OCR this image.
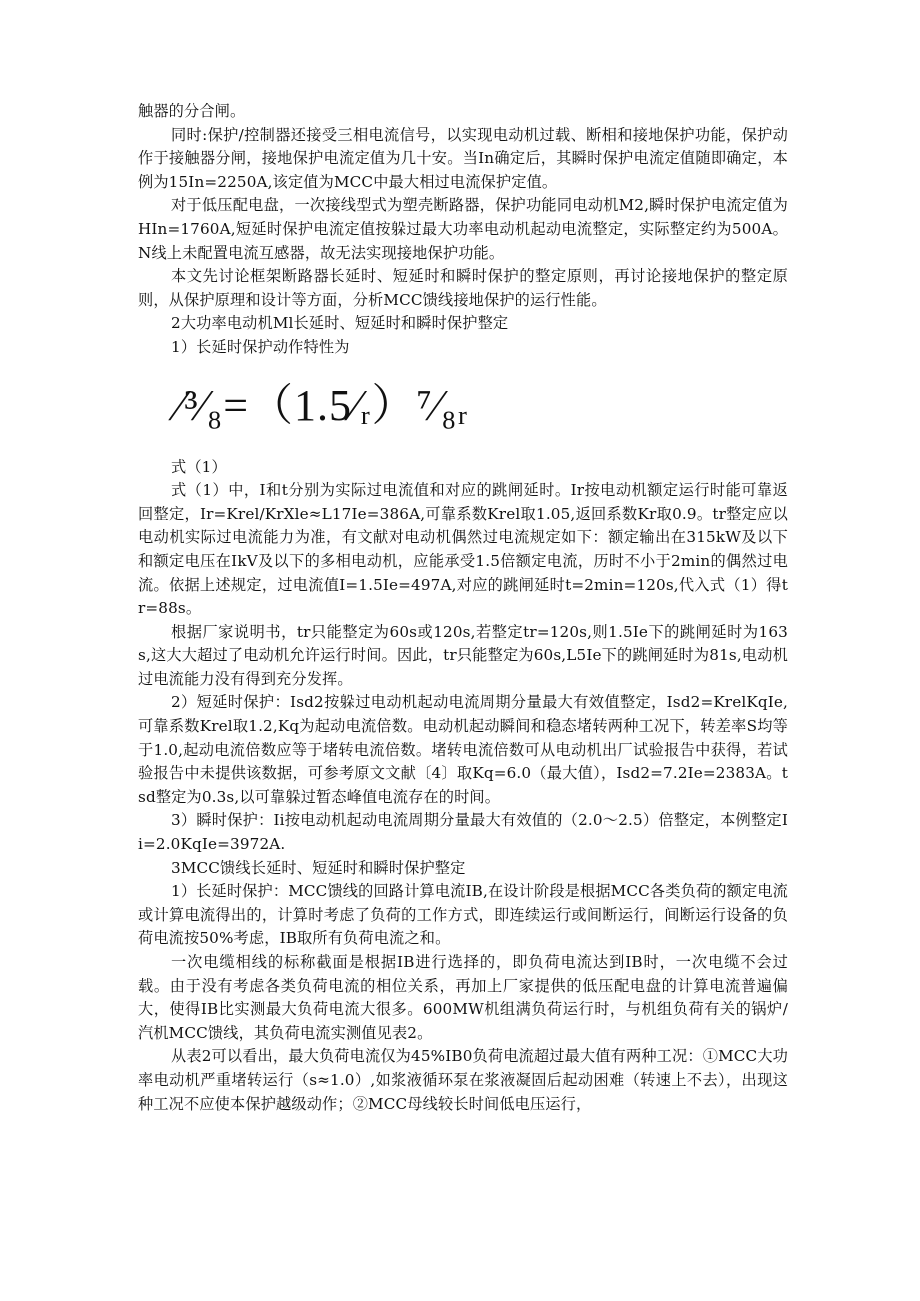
触器的分合闸。

同时:保护/控制器还接受三相电流信号，以实现电动机过载、断相和接地保护功能，保护动作于接触器分闸，接地保护电流定值为几十安。当In确定后，其瞬时保护电流定值随即确定，本例为15In=2250A,该定值为MCC中最大相过电流保护定值。

对于低压配电盘，一次接线型式为塑壳断路器，保护功能同电动机M2,瞬时保护电流定值为HIn=1760A,短延时保护电流定值按躲过最大功率电动机起动电流整定，实际整定约为500A。N线上未配置电流互感器，故无法实现接地保护功能。

本文先讨论框架断路器长延时、短延时和瞬时保护的整定原则，再讨论接地保护的整定原则，从保护原理和设计等方面，分析MCC馈线接地保护的运行性能。

2大功率电动机Ml长延时、短延时和瞬时保护整定

1）长延时保护动作特性为

⁄³⁄₈=（1.5⁄ᵣ）⁷⁄₈ᵣ

式（1）

式（1）中，I和t分别为实际过电流值和对应的跳闸延时。Ir按电动机额定运行时能可靠返回整定，Ir=Krel/KrXle≈L17Ie=386A,可靠系数Krel取1.05,返回系数Kr取0.9。tr整定应以电动机实际过电流能力为准，有文献对电动机偶然过电流规定如下：额定输出在315kW及以下和额定电压在IkV及以下的多相电动机，应能承受1.5倍额定电流，历时不小于2min的偶然过电流。依据上述规定，过电流值I=1.5Ie=497A,对应的跳闸延时t=2min=120s,代入式（1）得tr=88s。

根据厂家说明书，tr只能整定为60s或120s,若整定tr=120s,则1.5Ie下的跳闸延时为163s,这大大超过了电动机允许运行时间。因此，tr只能整定为60s,L5Ie下的跳闸延时为81s,电动机过电流能力没有得到充分发挥。

2）短延时保护：Isd2按躲过电动机起动电流周期分量最大有效值整定，Isd2=KrelKqIe,可靠系数Krel取1.2,Kq为起动电流倍数。电动机起动瞬间和稳态堵转两种工况下，转差率S均等于1.0,起动电流倍数应等于堵转电流倍数。堵转电流倍数可从电动机出厂试验报告中获得，若试验报告中未提供该数据，可参考原文文献〔4〕取Kq=6.0（最大值），Isd2=7.2Ie=2383A。tsd整定为0.3s,以可靠躲过暂态峰值电流存在的时间。

3）瞬时保护：Ii按电动机起动电流周期分量最大有效值的（2.0～2.5）倍整定，本例整定Ii=2.0KqIe=3972A.

3MCC馈线长延时、短延时和瞬时保护整定

1）长延时保护：MCC馈线的回路计算电流IB,在设计阶段是根据MCC各类负荷的额定电流或计算电流得出的，计算时考虑了负荷的工作方式，即连续运行或间断运行，间断运行设备的负荷电流按50%考虑，IB取所有负荷电流之和。

一次电缆相线的标称截面是根据IB进行选择的，即负荷电流达到IB时，一次电缆不会过载。由于没有考虑各类负荷电流的相位关系，再加上厂家提供的低压配电盘的计算电流普遍偏大，使得IB比实测最大负荷电流大很多。600MW机组满负荷运行时，与机组负荷有关的锅炉/汽机MCC馈线，其负荷电流实测值见表2。

从表2可以看出，最大负荷电流仅为45%IB0负荷电流超过最大值有两种工况：①MCC大功率电动机严重堵转运行（s≈1.0）,如浆液循环泵在浆液凝固后起动困难（转速上不去），出现这种工况不应使本保护越级动作；②MCC母线较长时间低电压运行，
